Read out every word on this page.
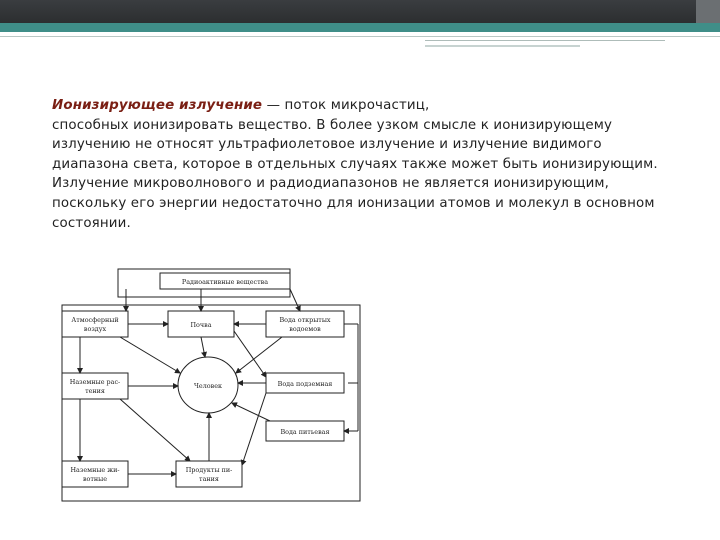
Ионизирующее излучение — поток микрочастиц,
способных ионизировать вещество. В более узком смысле к ионизирующему
излучению не относят ультрафиолетовое излучение и излучение видимого
диапазона света, которое в отдельных случаях также может быть ионизирующим.
Излучение микроволнового и радиодиапазонов не является ионизирующим,
поскольку его энергии недостаточно для ионизации атомов и молекул в основном
состоянии.
Радиоактивные вещества
Атмосферный
воздух	Почва
Вода открытых
водоемов
Человек
Наземные рас-
тения
Вода подземная
Вода питьевая
Наземные жи-
вотные
Продукты пи-
тания
